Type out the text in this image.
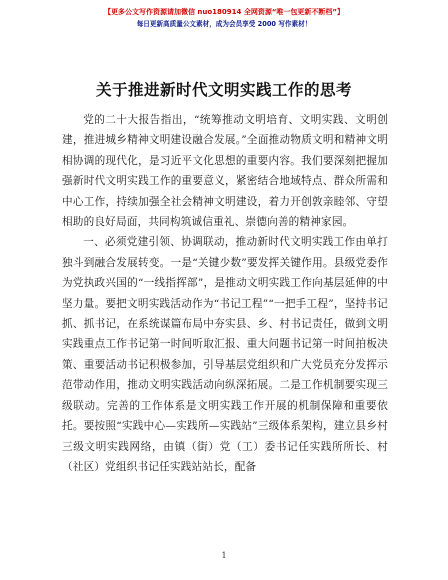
【更多公文写作资源请加微信 nuo180914 全网资源“唯一包更新不断档”】
每日更新高质量公文素材，成为会员享受 2000 写作素材！
关于推进新时代文明实践工作的思考

党的二十大报告指出，“统筹推动文明培育、文明实践、文明创建，推进城乡精神文明建设融合发展。”全面推动物质文明和精神文明相协调的现代化，是习近平文化思想的重要内容。我们要深刻把握加强新时代文明实践工作的重要意义，紧密结合地域特点、群众所需和中心工作，持续加强全社会精神文明建设，着力开创敦亲睦邻、守望相助的良好局面，共同构筑诚信重礼、崇德向善的精神家园。

一、必须党建引领、协调联动，推动新时代文明实践工作由单打独斗到融合发展转变。一是“关键少数”要发挥关键作用。县级党委作为党执政兴国的“一线指挥部”，是推动文明实践工作向基层延伸的中坚力量。要把文明实践活动作为“书记工程”“一把手工程”，坚持书记抓、抓书记，在系统谋篇布局中夯实县、乡、村书记责任，做到文明实践重点工作书记第一时间听取汇报、重大问题书记第一时间拍板决策、重要活动书记积极参加，引导基层党组织和广大党员充分发挥示范带动作用，推动文明实践活动向纵深拓展。二是工作机制要实现三级联动。完善的工作体系是文明实践工作开展的机制保障和重要依托。要按照“实践中心—实践所—实践站”三级体系架构，建立县乡村三级文明实践网络，由镇（街）党（工）委书记任实践所所长、村（社区）党组织书记任实践站站长，配备

1
